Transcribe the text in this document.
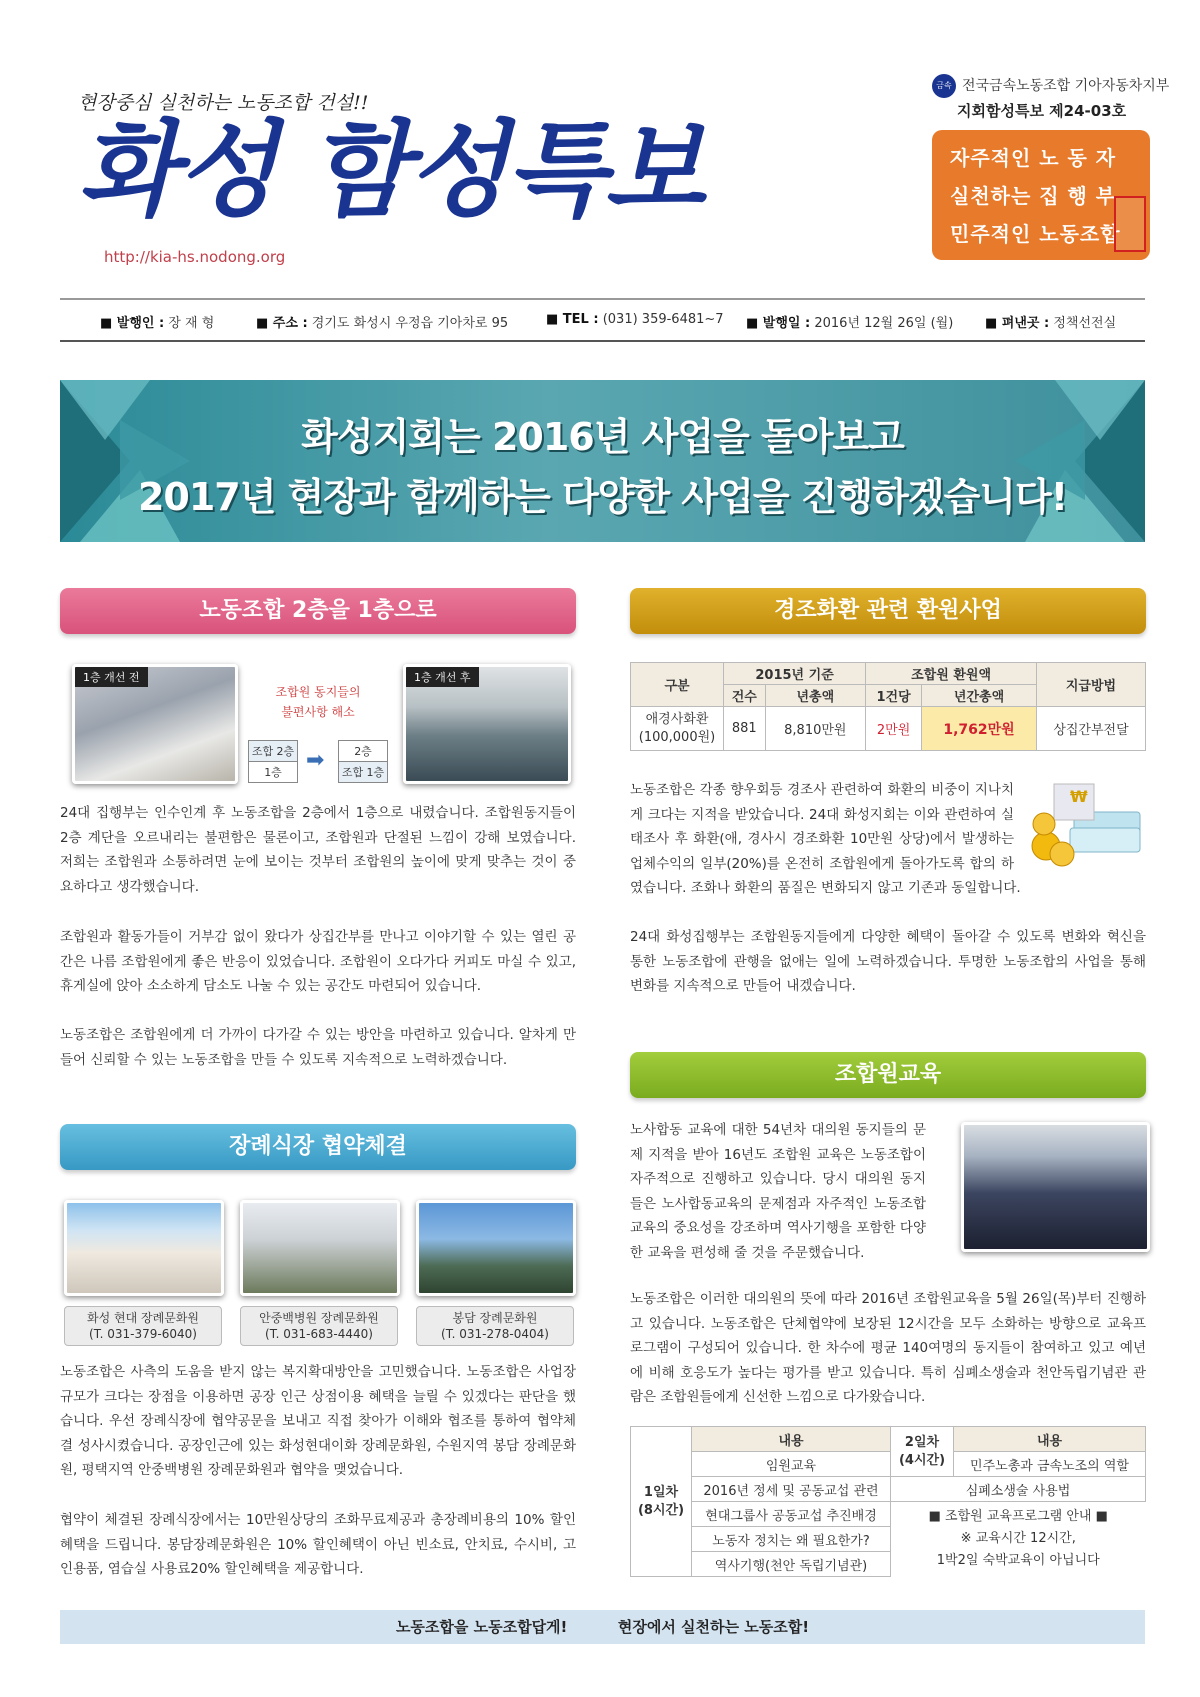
현장중심 실천하는 노동조합 건설!!
화성 함성특보
http://kia-hs.nodong.org
금속 전국금속노동조합 기아자동차지부
지회함성특보 제24-03호
자주적인 노 동 자
실천하는 집 행 부
민주적인 노동조합
■ 발행인 : 장 재 형	■ 주소 : 경기도 화성시 우정읍 기아차로 95	■ TEL : (031) 359-6481~7 ■ 발행일 : 2016년 12월 26일 (월) ■ 펴낸곳 : 정책선전실
화성지회는 2016년 사업을 돌아보고
2017년 현장과 함께하는 다양한 사업을 진행하겠습니다!
노동조합 2층을 1층으로
1층 개선 전
조합원 동지들의
불편사항 해소
조합 2층
1층	➡	2층
조합 1층
1층 개선 후
24대 집행부는 인수인계 후 노동조합을 2층에서 1층으로 내렸습니다. 조합원동지들이 2층 계단을 오르내리는 불편함은 물론이고, 조합원과 단절된 느낌이 강해 보였습니다. 저희는 조합원과 소통하려면 눈에 보이는 것부터 조합원의 높이에 맞게 맞추는 것이 중요하다고 생각했습니다.
조합원과 활동가들이 거부감 없이 왔다가 상집간부를 만나고 이야기할 수 있는 열린 공간은 나름 조합원에게 좋은 반응이 있었습니다. 조합원이 오다가다 커피도 마실 수 있고, 휴게실에 앉아 소소하게 담소도 나눌 수 있는 공간도 마련되어 있습니다.
노동조합은 조합원에게 더 가까이 다가갈 수 있는 방안을 마련하고 있습니다. 알차게 만들어 신뢰할 수 있는 노동조합을 만들 수 있도록 지속적으로 노력하겠습니다.
장례식장 협약체결
화성 현대 장례문화원
(T. 031-379-6040)
안중백병원 장례문화원
(T. 031-683-4440)
봉담 장례문화원
(T. 031-278-0404)
노동조합은 사측의 도움을 받지 않는 복지확대방안을 고민했습니다. 노동조합은 사업장 규모가 크다는 장점을 이용하면 공장 인근 상점이용 혜택을 늘릴 수 있겠다는 판단을 했습니다. 우선 장례식장에 협약공문을 보내고 직접 찾아가 이해와 협조를 통하여 협약체결 성사시켰습니다. 공장인근에 있는 화성현대이화 장례문화원, 수원지역 봉담 장례문화원, 평택지역 안중백병원 장례문화원과 협약을 맺었습니다.
협약이 체결된 장례식장에서는 10만원상당의 조화무료제공과 총장례비용의 10% 할인혜택을 드립니다. 봉담장례문화원은 10% 할인혜택이 아닌 빈소료, 안치료, 수시비, 고인용품, 염습실 사용료20% 할인혜택을 제공합니다.
경조화환 관련 환원사업
구분	2015년 기준		조합원 환원액		지급방법
	건수	년총액	1건당	년간총액	
애경사화환
(100,000원)	881	8,810만원	2만원	1,762만원	상집간부전달
₩
노동조합은 각종 향우회등 경조사 관련하여 화환의 비중이 지나치게 크다는 지적을 받았습니다. 24대 화성지회는 이와 관련하여 실태조사 후 화환(애, 경사시 경조화환 10만원 상당)에서 발생하는 업체수익의 일부(20%)를 온전히 조합원에게 돌아가도록 합의 하였습니다. 조화나 화환의 품질은 변화되지 않고 기존과 동일합니다.
24대 화성집행부는 조합원동지들에게 다양한 혜택이 돌아갈 수 있도록 변화와 혁신을 통한 노동조합에 관행을 없애는 일에 노력하겠습니다. 투명한 노동조합의 사업을 통해 변화를 지속적으로 만들어 내겠습니다.
조합원교육
노사합동 교육에 대한 54년차 대의원 동지들의 문제 지적을 받아 16년도 조합원 교육은 노동조합이 자주적으로 진행하고 있습니다. 당시 대의원 동지들은 노사합동교육의 문제점과 자주적인 노동조합 교육의 중요성을 강조하며 역사기행을 포함한 다양한 교육을 편성해 줄 것을 주문했습니다.
노동조합은 이러한 대의원의 뜻에 따라 2016년 조합원교육을 5월 26일(목)부터 진행하고 있습니다. 노동조합은 단체협약에 보장된 12시간을 모두 소화하는 방향으로 교육프로그램이 구성되어 있습니다. 한 차수에 평균 140여명의 동지들이 참여하고 있고 예년에 비해 호응도가 높다는 평가를 받고 있습니다. 특히 심폐소생술과 천안독립기념관 관람은 조합원들에게 신선한 느낌으로 다가왔습니다.
1일차
(8시간)	내용	2일차
(4시간)	내용
	임원교육		민주노총과 금속노조의 역할
	2016년 정세 및 공동교섭 관련	심폐소생술 사용법	
	현대그룹사 공동교섭 추진배경	■ 조합원 교육프로그램 안내 ■
※ 교육시간 12시간,
1박2일 숙박교육이 아닙니다	

	노동자 정치는 왜 필요한가?		
	역사기행(천안 독립기념관)		
노동조합을 노동조합답게!	현장에서 실천하는 노동조합!
